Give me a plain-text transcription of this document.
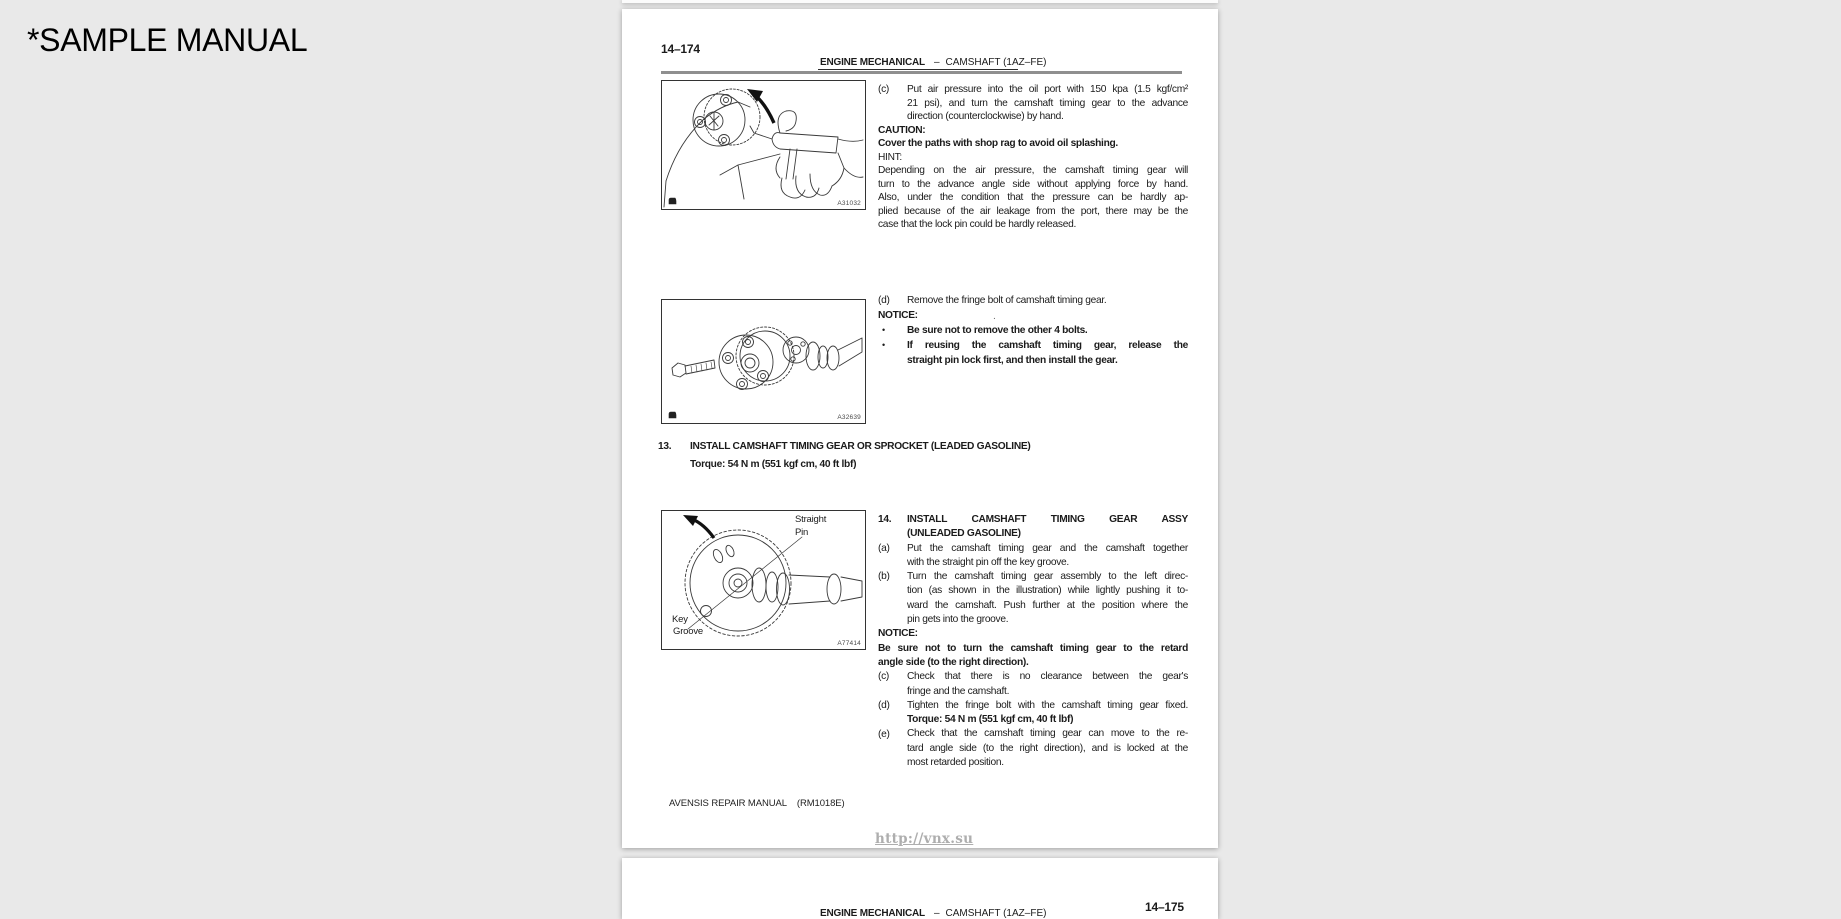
*SAMPLE MANUAL	14–174
ENGINE MECHANICAL – CAMSHAFT (1AZ–FE)
A31032
A32639
Straight
Pin
Key
Groove
A77414
(c)	Put air pressure into the oil port with 150 kpa (1.5 kgf/cm²
21 psi), and turn the camshaft timing gear to the advance
direction (counterclockwise) by hand.
CAUTION:
Cover the paths with shop rag to avoid oil splashing.
HINT:
Depending on the air pressure, the camshaft timing gear will
turn to the advance angle side without applying force by hand.
Also, under the condition that the pressure can be hardly ap-
plied because of the air leakage from the port, there may be the
case that the lock pin could be hardly released.
(d)
.
•
•
Remove the fringe bolt of camshaft timing gear.
NOTICE:
Be sure not to remove the other 4 bolts.
If reusing the camshaft timing gear, release the
straight pin lock first, and then install the gear.
13.	INSTALL CAMSHAFT TIMING GEAR OR SPROCKET (LEADED GASOLINE)
Torque: 54 N m (551 kgf cm, 40 ft lbf)
14.
(a)
(b)
(c)
(d)
(e)
INSTALL CAMSHAFT TIMING GEAR ASSY
(UNLEADED GASOLINE)
Put the camshaft timing gear and the camshaft together
with the straight pin off the key groove.
Turn the camshaft timing gear assembly to the left direc-
tion (as shown in the illustration) while lightly pushing it to-
ward the camshaft. Push further at the position where the
pin gets into the groove.
NOTICE:
Be sure not to turn the camshaft timing gear to the retard
angle side (to the right direction).
Check that there is no clearance between the gear's
fringe and the camshaft.
Tighten the fringe bolt with the camshaft timing gear fixed.
Torque: 54 N m (551 kgf cm, 40 ft lbf)
Check that the camshaft timing gear can move to the re-
tard angle side (to the right direction), and is locked at the
most retarded position.
AVENSIS REPAIR MANUAL (RM1018E)
http://vnx.su
14–175
ENGINE MECHANICAL – CAMSHAFT (1AZ–FE)
